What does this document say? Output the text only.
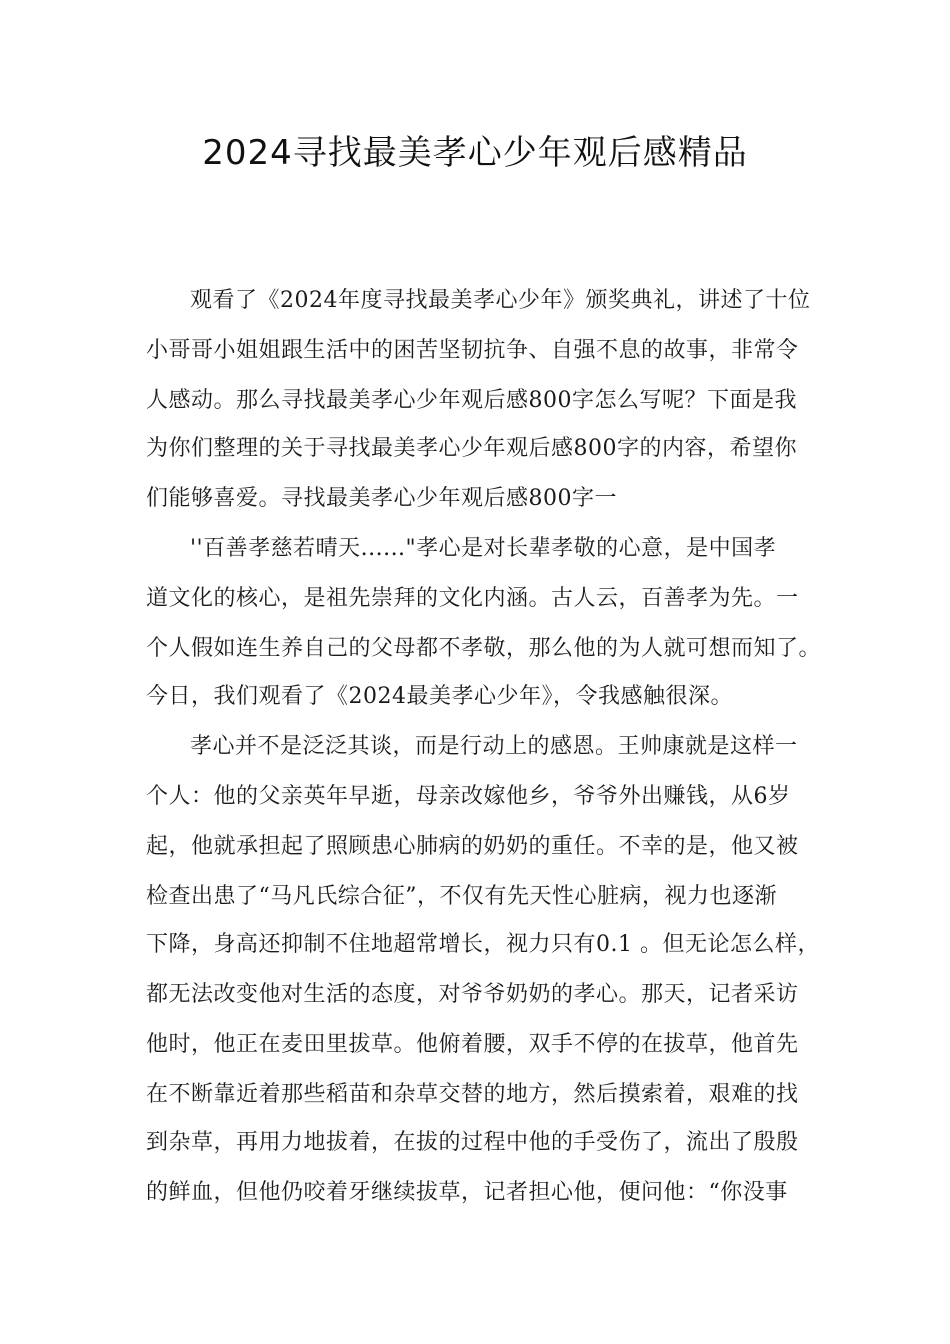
2024寻找最美孝心少年观后感精品
观看了《2024年度寻找最美孝心少年》颁奖典礼，讲述了十位
小哥哥小姐姐跟生活中的困苦坚韧抗争、自强不息的故事，非常令
人感动。那么寻找最美孝心少年观后感800字怎么写呢？下面是我
为你们整理的关于寻找最美孝心少年观后感800字的内容，希望你
们能够喜爱。寻找最美孝心少年观后感800字一
''百善孝慈若晴天......"孝心是对长辈孝敬的心意，是中国孝
道文化的核心，是祖先崇拜的文化内涵。古人云，百善孝为先。一
个人假如连生养自己的父母都不孝敬，那么他的为人就可想而知了。
今日，我们观看了《2024最美孝心少年》，令我感触很深。
孝心并不是泛泛其谈，而是行动上的感恩。王帅康就是这样一
个人：他的父亲英年早逝，母亲改嫁他乡，爷爷外出赚钱，从6岁
起，他就承担起了照顾患心肺病的奶奶的重任。不幸的是，他又被
检查出患了“马凡氏综合征”，不仅有先天性心脏病，视力也逐渐
下降，身高还抑制不住地超常增长，视力只有0.1 。但无论怎么样，
都无法改变他对生活的态度，对爷爷奶奶的孝心。那天，记者采访
他时，他正在麦田里拔草。他俯着腰，双手不停的在拔草，他首先
在不断靠近着那些稻苗和杂草交替的地方，然后摸索着，艰难的找
到杂草，再用力地拔着，在拔的过程中他的手受伤了，流出了殷殷
的鲜血，但他仍咬着牙继续拔草，记者担心他，便问他：“你没事
